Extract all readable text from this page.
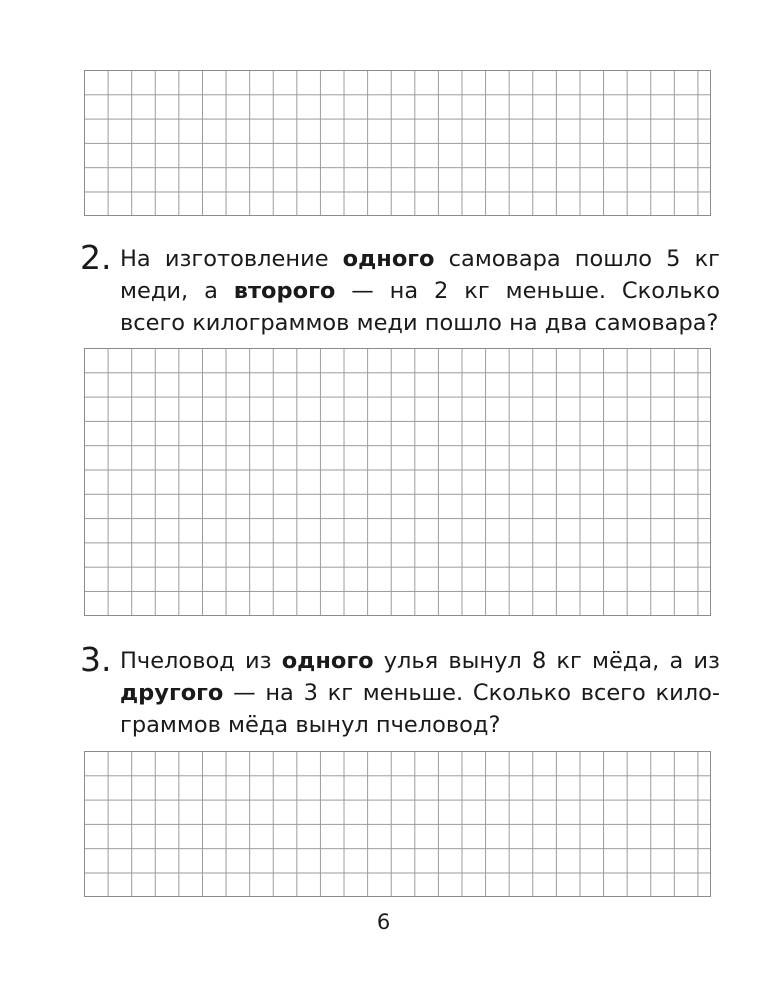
2. На изготовление одного самовара пошло 5 кг меди, а второго — на 2 кг меньше. Сколько всего килограммов меди пошло на два самовара?
3. Пчеловод из одного улья вынул 8 кг мёда, а из другого — на 3 кг меньше. Сколько всего килограммов мёда вынул пчеловод?
6
